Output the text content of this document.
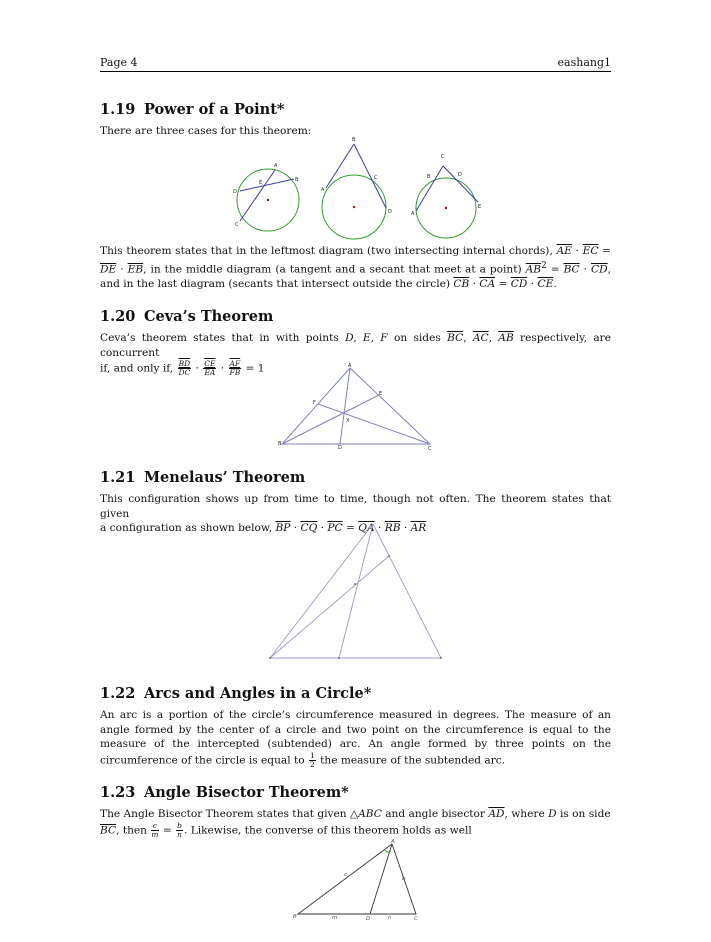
Page 4	eashang1
1.19 Power of a Point*
There are three cases for this theorem:
A
B
D
E
C
B
A
C
D
C
B	D
E
A
This theorem states that in the leftmost diagram (two intersecting internal chords), $\overline{AE} \cdot \overline{EC} = \overline{DE} \cdot \overline{EB}$, in the middle diagram (a tangent and a secant that meet at a point) $\overline{AB}^2 = \overline{BC} \cdot \overline{CD}$, and in the last diagram (secants that intersect outside the circle) $\overline{CB} \cdot \overline{CA} = \overline{CD} \cdot \overline{CE}$.
1.20 Ceva’s Theorem
Ceva’s theorem states that in with points D, E, F on sides $\overline{BC}$, $\overline{AC}$, $\overline{AB}$ respectively, are concurrent
if, and only if, $\frac{\overline{BD}}{DC} \cdot \frac{\overline{CE}}{EA} \cdot \frac{\overline{AF}}{FB} = 1$	A
B
C
D
E
F
X
1.21 Menelaus’ Theorem
This configuration shows up from time to time, though not often. The theorem states that given
a configuration as shown below, $\overline{BP} \cdot \overline{CQ} \cdot \overline{PC} = \overline{QA} \cdot \overline{RB} \cdot \overline{AR}$
1.22 Arcs and Angles in a Circle*
An arc is a portion of the circle’s circumference measured in degrees. The measure of an angle formed by the center of a circle and two point on the circumference is equal to the measure of the intercepted (subtended) arc. An angle formed by three points on the circumference of the circle is equal to $\frac{1}{2}$ the measure of the subtended arc.
1.23 Angle Bisector Theorem*
The Angle Bisector Theorem states that given △ABC and angle bisector $\overline{AD}$, where D is on side
$\overline{BC}$, then $\frac{c}{m} = \frac{b}{n}$ . Likewise, the converse of this theorem holds as well
A
B	C
D
m	n
c
b
